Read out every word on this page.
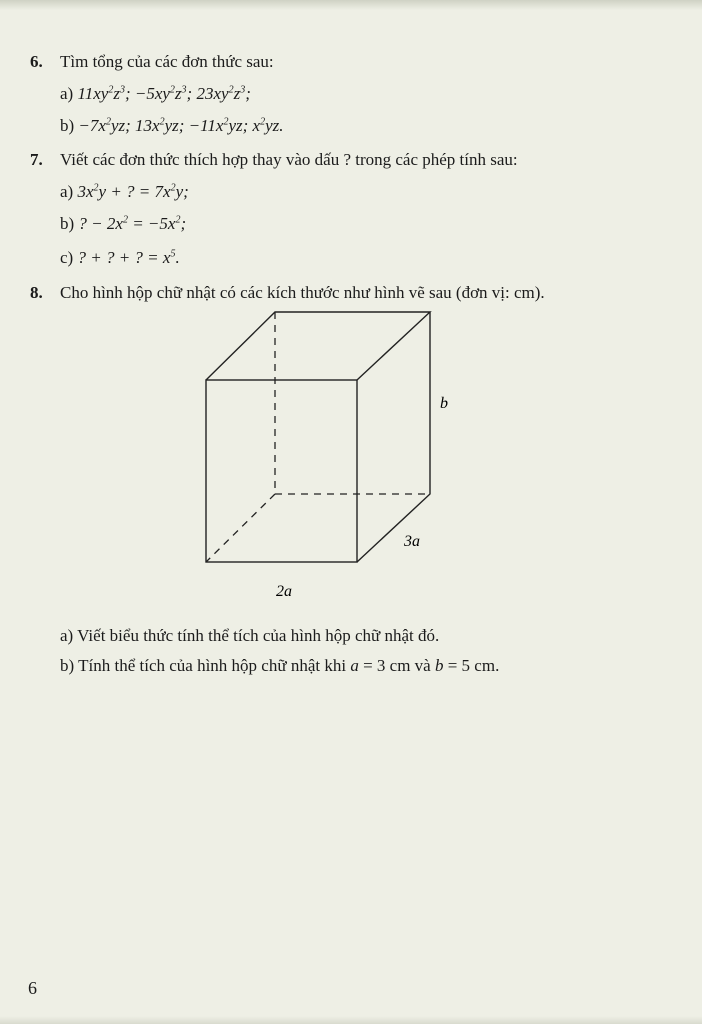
6. Tìm tổng của các đơn thức sau:
a) $11xy^2z^3$; $-5xy^2z^3$; $23xy^2z^3$;
$b) -7x^2yz$; $13x^2yz$; $-11x^2yz$; $x^2yz$.
7. Viết các đơn thức thích hợp thay vào dấu ? trong các phép tính sau:
a) $3x^2y$ + ? = $7x^2y$;
b) ? − $2x^2 = -5x^2$;
c) ? + ? + ? = $x^5$.
8. Cho hình hộp chữ nhật có các kích thước như hình vẽ sau (đơn vị: cm).
b
3a
2a
a) Viết biểu thức tính thể tích của hình hộp chữ nhật đó.
b) Tính thể tích của hình hộp chữ nhật khi a = 3 cm và b = 5 cm.
6
